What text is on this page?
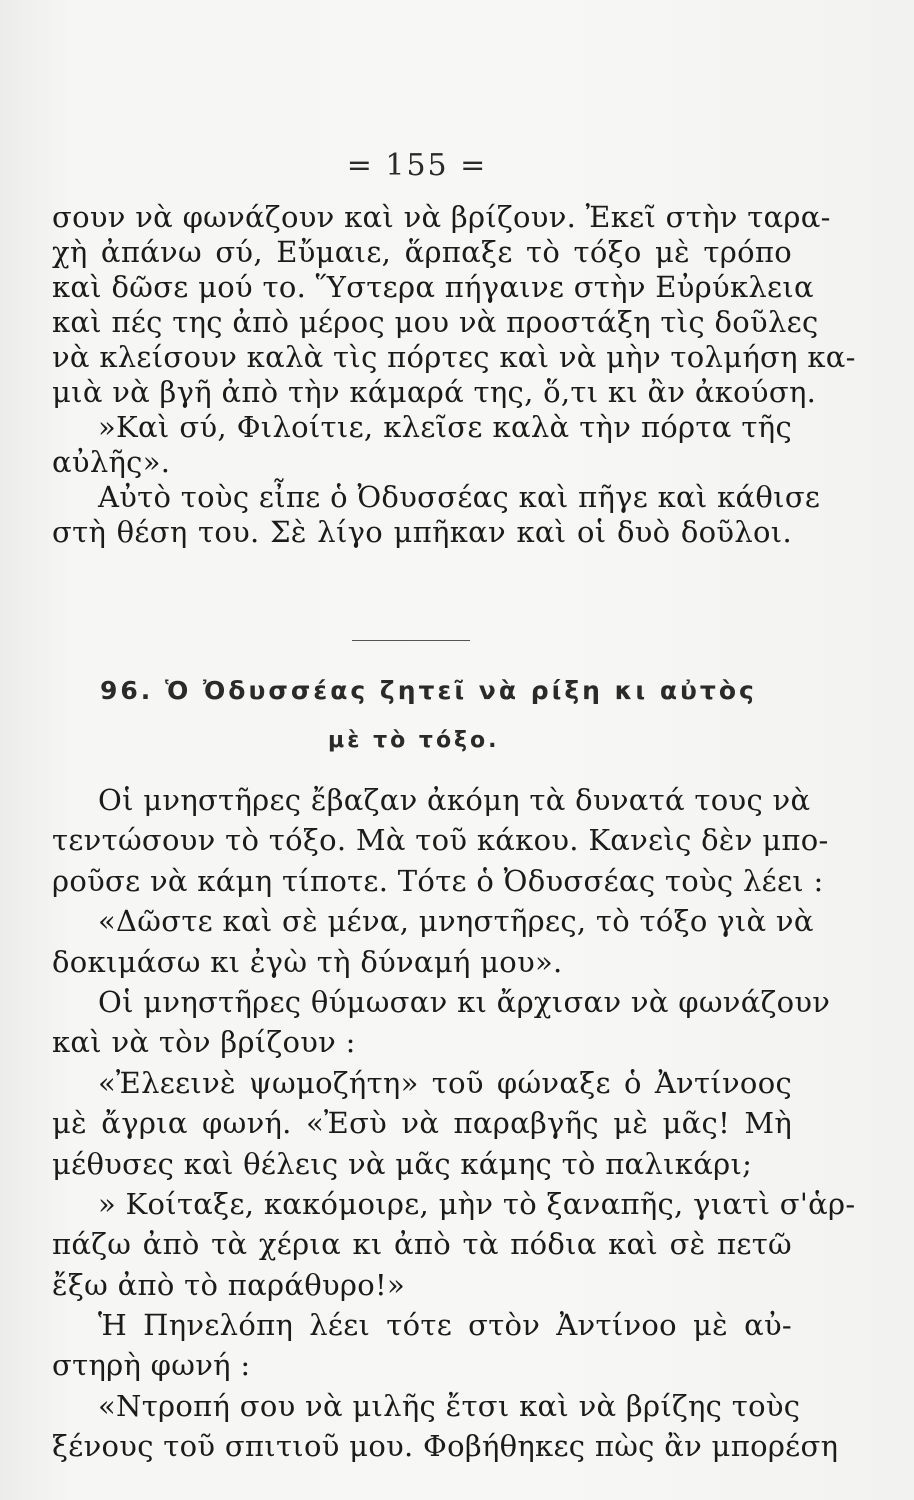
= 155 =
σουν νὰ φωνάζουν καὶ νὰ βρίζουν. Ἐκεῖ στὴν ταρα-
χὴ ἀπάνω σύ, Εὔμαιε, ἅρπαξε τὸ τόξο μὲ τρόπο
καὶ δῶσε μού το. Ὕστερα πήγαινε στὴν Εὐρύκλεια
καὶ πές της ἀπὸ μέρος μου νὰ προστάξη τὶς δοῦλες
νὰ κλείσουν καλὰ τὶς πόρτες καὶ νὰ μὴν τολμήση κα-
μιὰ νὰ βγῆ ἀπὸ τὴν κάμαρά της, ὅ,τι κι ἂν ἀκούση.
»Καὶ σύ, Φιλοίτιε, κλεῖσε καλὰ τὴν πόρτα τῆς
αὐλῆς».
Αὐτὸ τοὺς εἶπε ὁ Ὀδυσσέας καὶ πῆγε καὶ κάθισε
στὴ θέση του. Σὲ λίγο μπῆκαν καὶ οἱ δυὸ δοῦλοι.
96. Ὁ Ὀδυσσέας ζητεῖ νὰ ρίξη κι αὐτὸς
μὲ τὸ τόξο.
Οἱ μνηστῆρες ἔβαζαν ἀκόμη τὰ δυνατά τους νὰ
τεντώσουν τὸ τόξο. Μὰ τοῦ κάκου. Κανεὶς δὲν μπο-
ροῦσε νὰ κάμη τίποτε. Τότε ὁ Ὀδυσσέας τοὺς λέει :
«Δῶστε καὶ σὲ μένα, μνηστῆρες, τὸ τόξο γιὰ νὰ
δοκιμάσω κι ἐγὼ τὴ δύναμή μου».
Οἱ μνηστῆρες θύμωσαν κι ἄρχισαν νὰ φωνάζουν
καὶ νὰ τὸν βρίζουν :
«Ἐλεεινὲ ψωμοζήτη» τοῦ φώναξε ὁ Ἀντίνοος
μὲ ἄγρια φωνή. «Ἐσὺ νὰ παραβγῆς μὲ μᾶς! Μὴ
μέθυσες καὶ θέλεις νὰ μᾶς κάμης τὸ παλικάρι;
» Κοίταξε, κακόμοιρε, μὴν τὸ ξαναπῆς, γιατὶ σ'ἁρ-
πάζω ἀπὸ τὰ χέρια κι ἀπὸ τὰ πόδια καὶ σὲ πετῶ
ἔξω ἀπὸ τὸ παράθυρο!»
Ἡ Πηνελόπη λέει τότε στὸν Ἀντίνοο μὲ αὐ-
στηρὴ φωνή :
«Ντροπή σου νὰ μιλῆς ἔτσι καὶ νὰ βρίζης τοὺς
ξένους τοῦ σπιτιοῦ μου. Φοβήθηκες πὼς ἂν μπορέση
